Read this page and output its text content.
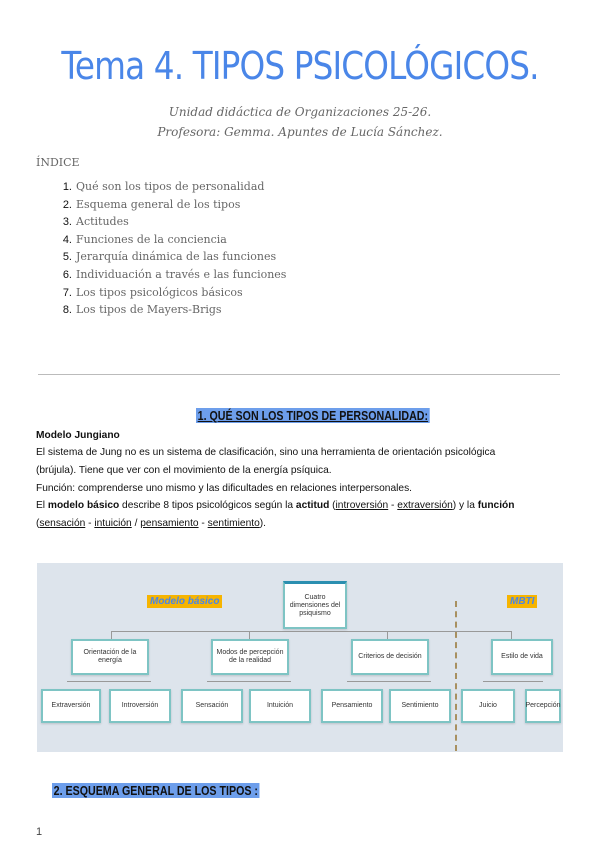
Tema 4. TIPOS PSICOLÓGICOS.
Unidad didáctica de Organizaciones 25-26.
Profesora: Gemma. Apuntes de Lucía Sánchez.
ÍNDICE
1. Qué son los tipos de personalidad
2. Esquema general de los tipos
3. Actitudes
4. Funciones de la conciencia
5. Jerarquía dinámica de las funciones
6. Individuación a través e las funciones
7. Los tipos psicológicos básicos
8. Los tipos de Mayers-Brigs
1. QUÉ SON LOS TIPOS DE PERSONALIDAD:
Modelo Jungiano
El sistema de Jung no es un sistema de clasificación, sino una herramienta de orientación psicológica
(brújula). Tiene que ver con el movimiento de la energía psíquica.
Función: comprenderse uno mismo y las dificultades en relaciones interpersonales.
El modelo básico describe 8 tipos psicológicos según la actitud (introversión - extraversión) y la función
(sensación - intuición / pensamiento - sentimiento).
Modelo básico	MBTI
Cuatro dimensiones del psiquismo
Orientación de la energía
Modos de percepción de la realidad
Criterios de decisión	Estilo de vida
Extraversión	Introversión	Sensación	Intuición	Pensamiento	Sentimiento	Juicio	Percepción
2. ESQUEMA GENERAL DE LOS TIPOS :
1
